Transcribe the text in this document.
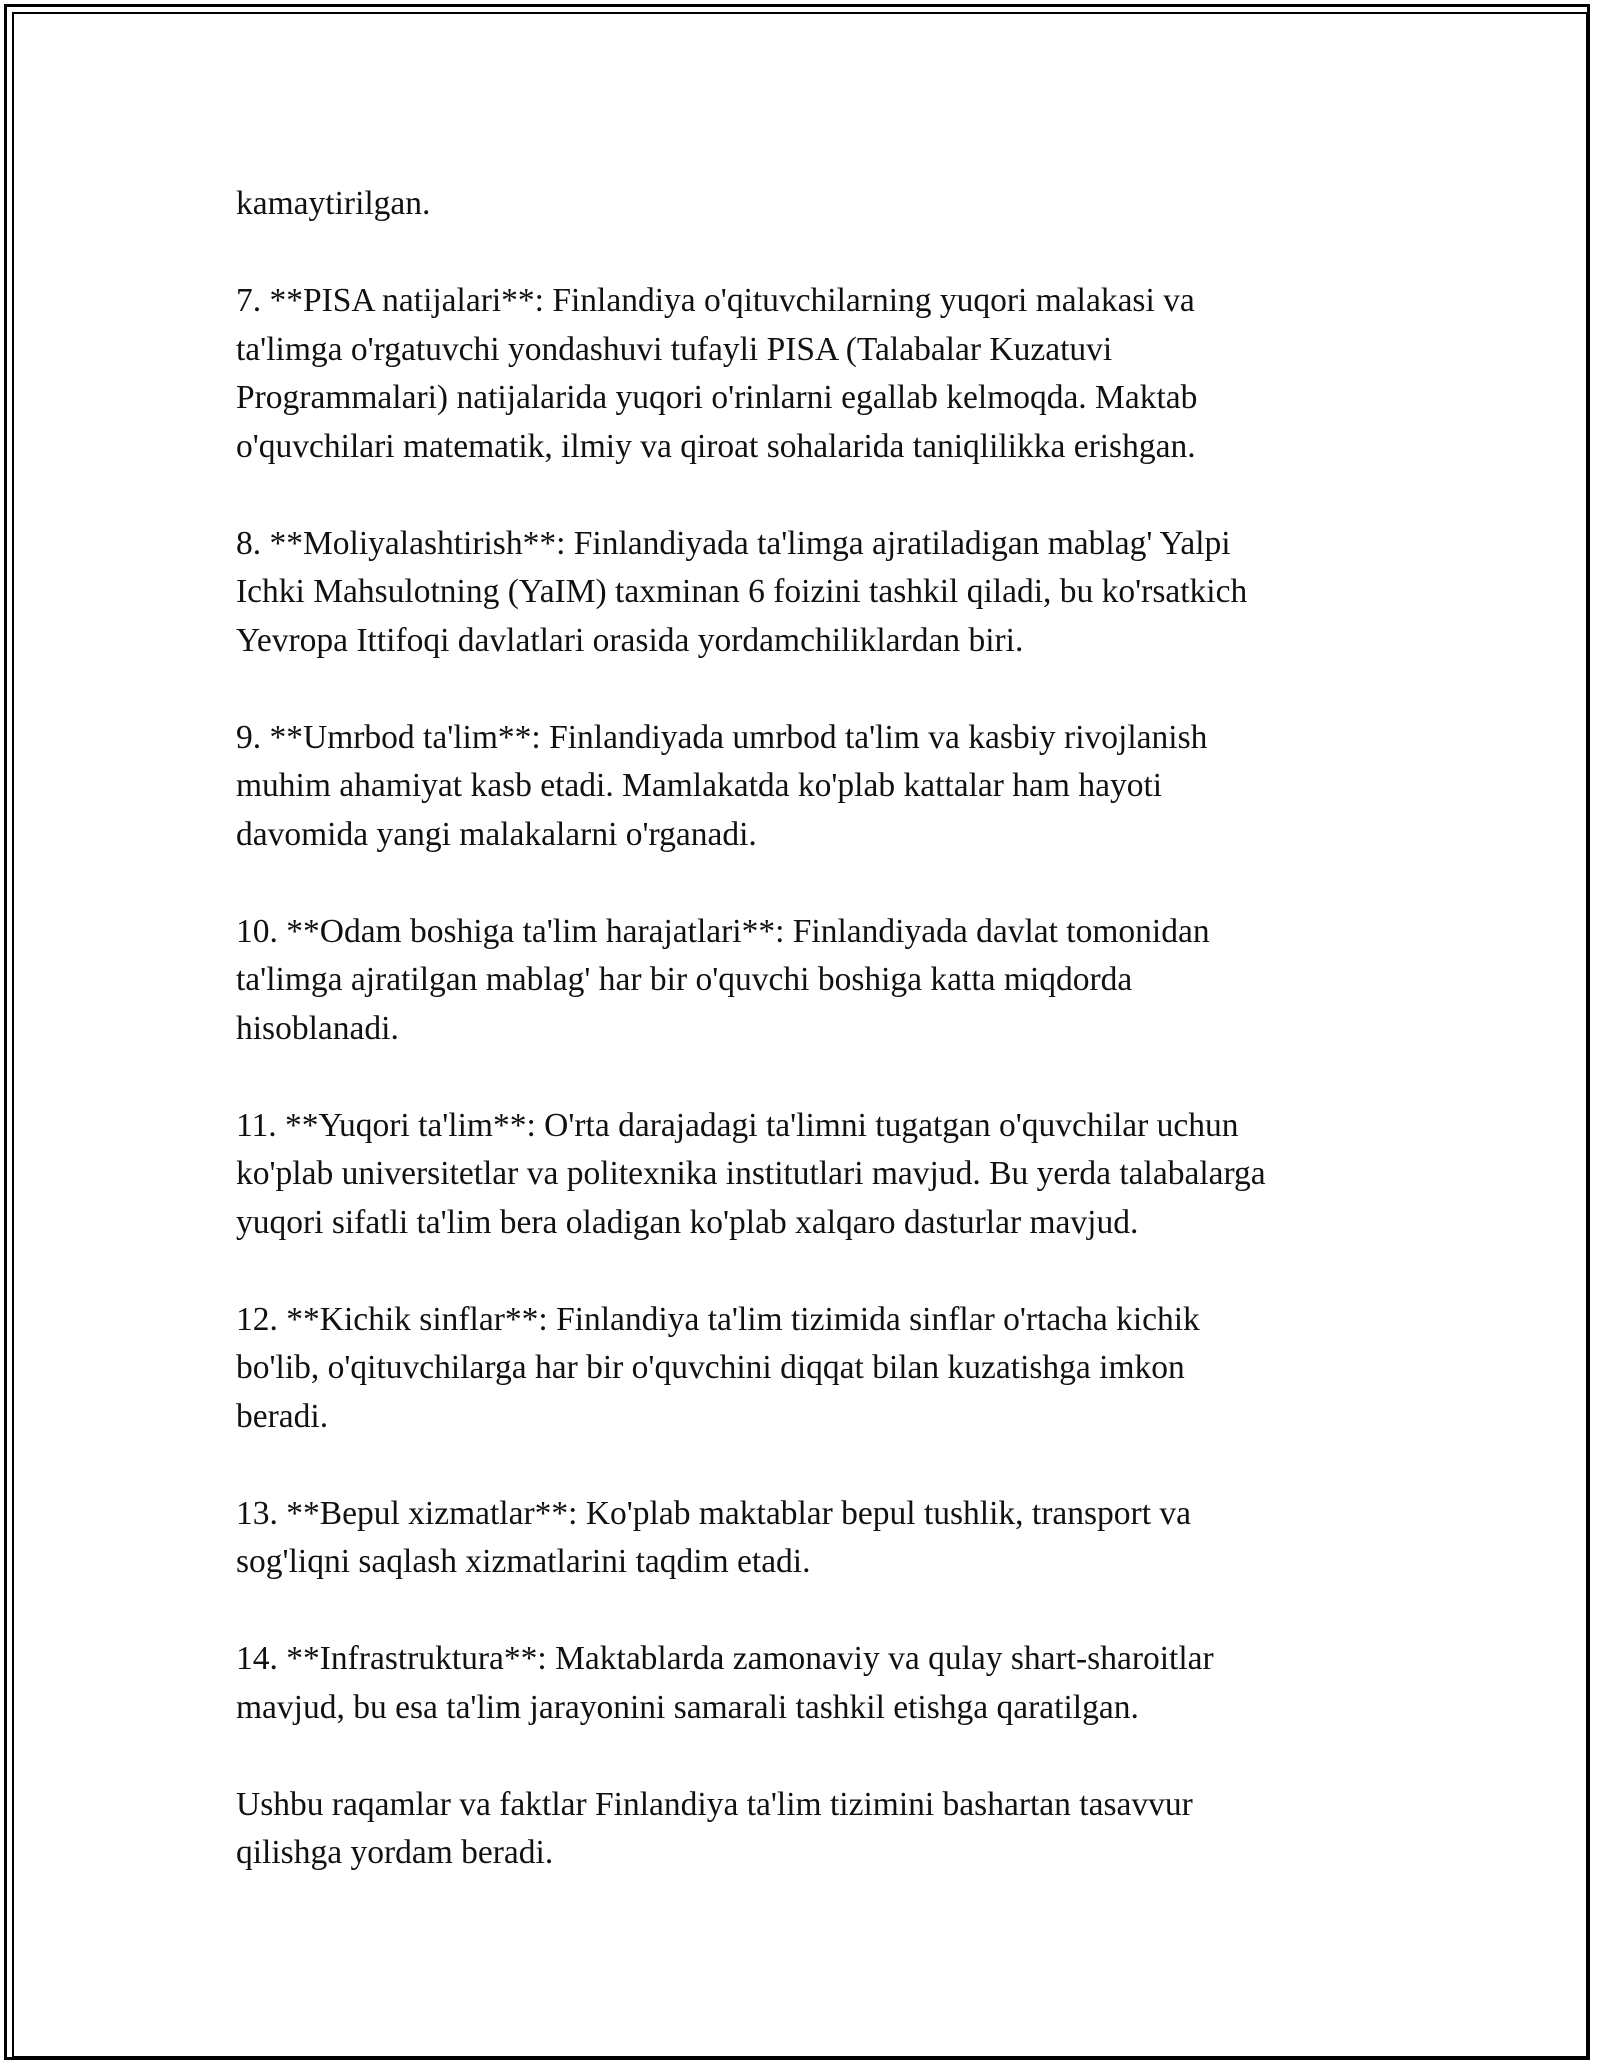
kamaytirilgan.

7. **PISA natijalari**: Finlandiya o'qituvchilarning yuqori malakasi va
ta'limga o'rgatuvchi yondashuvi tufayli PISA (Talabalar Kuzatuvi
Programmalari) natijalarida yuqori o'rinlarni egallab kelmoqda. Maktab
o'quvchilari matematik, ilmiy va qiroat sohalarida taniqlilikka erishgan.

8. **Moliyalashtirish**: Finlandiyada ta'limga ajratiladigan mablag' Yalpi
Ichki Mahsulotning (YaIM) taxminan 6 foizini tashkil qiladi, bu ko'rsatkich
Yevropa Ittifoqi davlatlari orasida yordamchiliklardan biri.

9. **Umrbod ta'lim**: Finlandiyada umrbod ta'lim va kasbiy rivojlanish
muhim ahamiyat kasb etadi. Mamlakatda ko'plab kattalar ham hayoti
davomida yangi malakalarni o'rganadi.

10. **Odam boshiga ta'lim harajatlari**: Finlandiyada davlat tomonidan
ta'limga ajratilgan mablag' har bir o'quvchi boshiga katta miqdorda
hisoblanadi.

11. **Yuqori ta'lim**: O'rta darajadagi ta'limni tugatgan o'quvchilar uchun
ko'plab universitetlar va politexnika institutlari mavjud. Bu yerda talabalarga
yuqori sifatli ta'lim bera oladigan ko'plab xalqaro dasturlar mavjud.

12. **Kichik sinflar**: Finlandiya ta'lim tizimida sinflar o'rtacha kichik
bo'lib, o'qituvchilarga har bir o'quvchini diqqat bilan kuzatishga imkon
beradi.

13. **Bepul xizmatlar**: Ko'plab maktablar bepul tushlik, transport va
sog'liqni saqlash xizmatlarini taqdim etadi.

14. **Infrastruktura**: Maktablarda zamonaviy va qulay shart-sharoitlar
mavjud, bu esa ta'lim jarayonini samarali tashkil etishga qaratilgan.

Ushbu raqamlar va faktlar Finlandiya ta'lim tizimini bashartan tasavvur
qilishga yordam beradi.
